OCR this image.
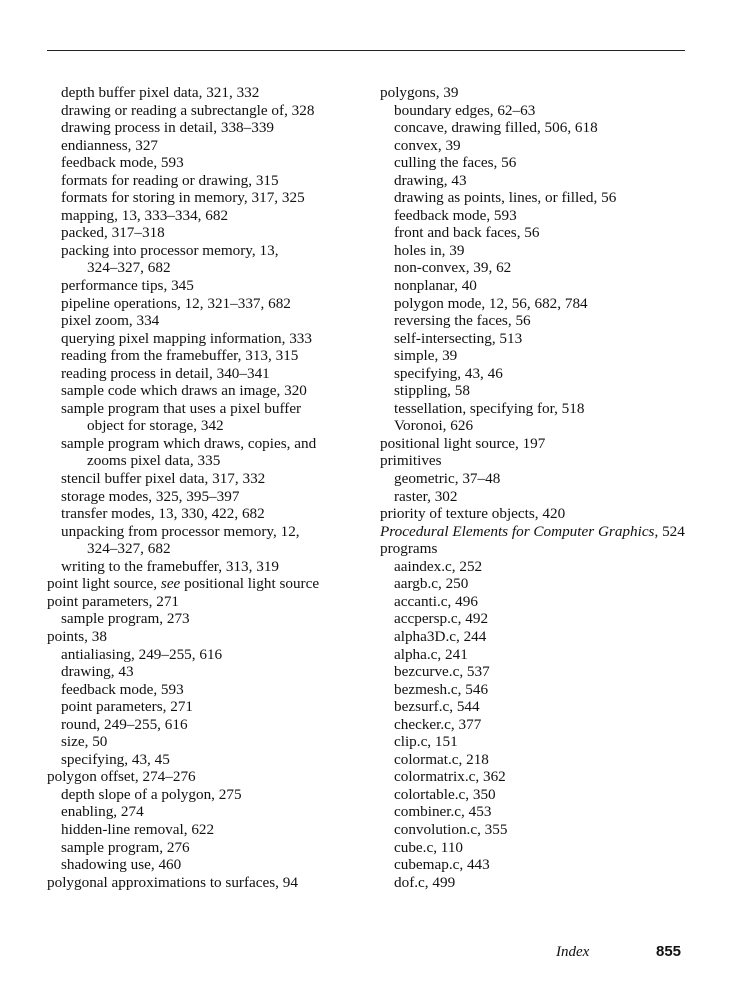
depth buffer pixel data, 321, 332

drawing or reading a subrectangle of, 328

drawing process in detail, 338–339

endianness, 327

feedback mode, 593

formats for reading or drawing, 315

formats for storing in memory, 317, 325

mapping, 13, 333–334, 682

packed, 317–318

packing into processor memory, 13,
324–327, 682

performance tips, 345

pipeline operations, 12, 321–337, 682

pixel zoom, 334

querying pixel mapping information, 333

reading from the framebuffer, 313, 315

reading process in detail, 340–341

sample code which draws an image, 320

sample program that uses a pixel buffer
object for storage, 342

sample program which draws, copies, and
zooms pixel data, 335

stencil buffer pixel data, 317, 332

storage modes, 325, 395–397

transfer modes, 13, 330, 422, 682

unpacking from processor memory, 12,
324–327, 682

writing to the framebuffer, 313, 319

point light source, see positional light source

point parameters, 271

sample program, 273

points, 38

antialiasing, 249–255, 616

drawing, 43

feedback mode, 593

point parameters, 271

round, 249–255, 616

size, 50

specifying, 43, 45

polygon offset, 274–276

depth slope of a polygon, 275

enabling, 274

hidden-line removal, 622

sample program, 276

shadowing use, 460

polygonal approximations to surfaces, 94

polygons, 39

boundary edges, 62–63

concave, drawing filled, 506, 618

convex, 39

culling the faces, 56

drawing, 43

drawing as points, lines, or filled, 56

feedback mode, 593

front and back faces, 56

holes in, 39

non-convex, 39, 62

nonplanar, 40

polygon mode, 12, 56, 682, 784

reversing the faces, 56

self-intersecting, 513

simple, 39

specifying, 43, 46

stippling, 58

tessellation, specifying for, 518

Voronoi, 626

positional light source, 197

primitives

geometric, 37–48

raster, 302

priority of texture objects, 420

Procedural Elements for Computer Graphics, 524

programs

aaindex.c, 252

aargb.c, 250

accanti.c, 496

accpersp.c, 492

alpha3D.c, 244

alpha.c, 241

bezcurve.c, 537

bezmesh.c, 546

bezsurf.c, 544

checker.c, 377

clip.c, 151

colormat.c, 218

colormatrix.c, 362

colortable.c, 350

combiner.c, 453

convolution.c, 355

cube.c, 110

cubemap.c, 443

dof.c, 499

Index	855
